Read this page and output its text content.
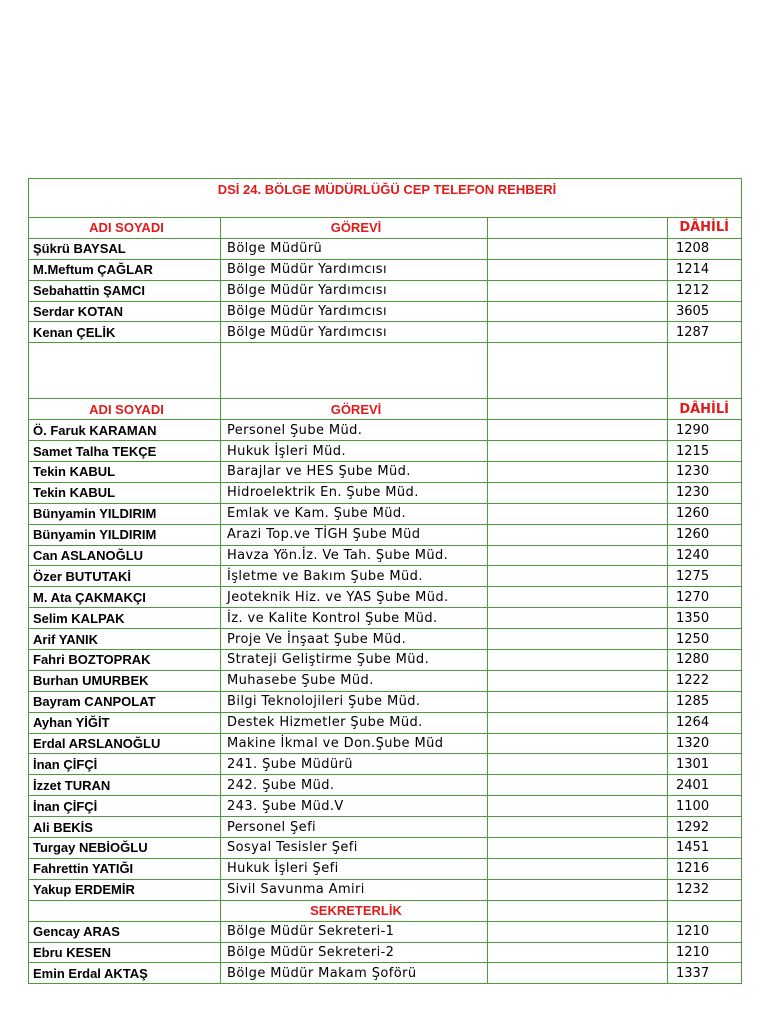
DSİ 24. BÖLGE MÜDÜRLÜĞÜ CEP TELEFON REHBERİ			
ADI SOYADI	GÖREVİ		DÂHİLİ
Şükrü BAYSAL	Bölge Müdürü		1208
M.Meftum ÇAĞLAR	Bölge Müdür Yardımcısı		1214
Sebahattin ŞAMCI	Bölge Müdür Yardımcısı		1212
Serdar KOTAN	Bölge Müdür Yardımcısı		3605
Kenan ÇELİK	Bölge Müdür Yardımcısı		1287

ADI SOYADI	GÖREVİ		DÂHİLİ
Ö. Faruk KARAMAN	Personel Şube Müd.		1290
Samet Talha TEKÇE	Hukuk İşleri Müd.		1215
Tekin KABUL	Barajlar ve HES Şube Müd.		1230
Tekin KABUL	Hidroelektrik En. Şube Müd.		1230
Bünyamin YILDIRIM	Emlak ve Kam. Şube Müd.		1260
Bünyamin YILDIRIM	Arazi Top.ve TİGH Şube Müd		1260
Can ASLANOĞLU	Havza Yön.İz. Ve Tah. Şube Müd.		1240
Özer BUTUTAKİ	İşletme ve Bakım Şube Müd.		1275
M. Ata ÇAKMAKÇI	Jeoteknik Hiz. ve YAS Şube Müd.		1270
Selim KALPAK	İz. ve Kalite Kontrol Şube Müd.		1350
Arif YANIK	Proje Ve İnşaat Şube Müd.		1250
Fahri BOZTOPRAK	Strateji Geliştirme Şube Müd.		1280
Burhan UMURBEK	Muhasebe Şube Müd.		1222
Bayram CANPOLAT	Bilgi Teknolojileri Şube Müd.		1285
Ayhan YİĞİT	Destek Hizmetler Şube Müd.		1264
Erdal ARSLANOĞLU	Makine İkmal ve Don.Şube Müd		1320
İnan ÇİFÇİ	241. Şube Müdürü		1301
İzzet TURAN	242. Şube Müd.		2401
İnan ÇİFÇİ	243. Şube Müd.V		1100
Ali BEKİS	Personel Şefi		1292
Turgay NEBİOĞLU	Sosyal Tesisler Şefi		1451
Fahrettin YATIĞI	Hukuk İşleri Şefi		1216
Yakup ERDEMİR	Sivil Savunma Amiri		1232
	SEKRETERLİK		
Gencay ARAS	Bölge Müdür Sekreteri-1		1210
Ebru KESEN	Bölge Müdür Sekreteri-2		1210
Emin Erdal AKTAŞ	Bölge Müdür Makam Şoförü		1337
